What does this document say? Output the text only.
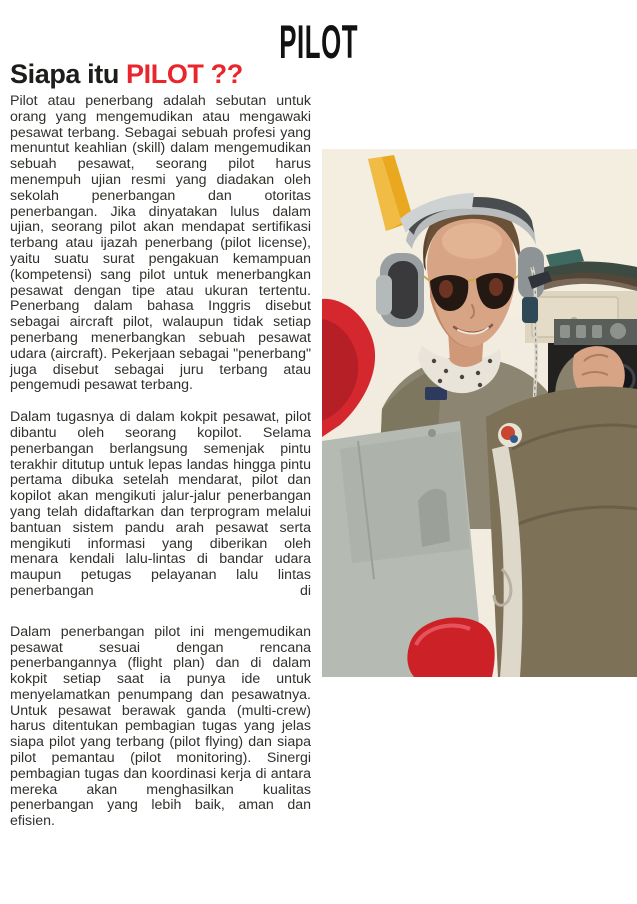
PILOT
Siapa itu PILOT ??

Pilot atau penerbang adalah sebutan untuk orang yang mengemudikan atau mengawaki pesawat terbang. Sebagai sebuah profesi yang menuntut keahlian (skill) dalam mengemudikan sebuah pesawat, seorang pilot harus menempuh ujian resmi yang diadakan oleh sekolah penerbangan dan otoritas penerbangan. Jika dinyatakan lulus dalam ujian, seorang pilot akan mendapat sertifikasi terbang atau ijazah penerbang (pilot license), yaitu suatu surat pengakuan kemampuan (kompetensi) sang pilot untuk menerbangkan pesawat dengan tipe atau ukuran tertentu. Penerbang dalam bahasa Inggris disebut sebagai aircraft pilot, walaupun tidak setiap penerbang menerbangkan sebuah pesawat udara (aircraft). Pekerjaan sebagai "penerbang" juga disebut sebagai juru terbang atau pengemudi pesawat terbang.

Dalam tugasnya di dalam kokpit pesawat, pilot dibantu oleh seorang kopilot. Selama penerbangan berlangsung semenjak pintu terakhir ditutup untuk lepas landas hingga pintu pertama dibuka setelah mendarat, pilot dan kopilot akan mengikuti jalur-jalur penerbangan yang telah didaftarkan dan terprogram melalui bantuan sistem pandu arah pesawat serta mengikuti informasi yang diberikan oleh menara kendali lalu-lintas di bandar udara maupun petugas pelayanan lalu lintas penerbangan di

Dalam penerbangan pilot ini mengemudikan pesawat sesuai dengan rencana penerbangannya (flight plan) dan di dalam kokpit setiap saat ia punya ide untuk menyelamatkan penumpang dan pesawatnya. Untuk pesawat berawak ganda (multi-crew) harus ditentukan pembagian tugas yang jelas siapa pilot yang terbang (pilot flying) dan siapa pilot pemantau (pilot monitoring). Sinergi pembagian tugas dan koordinasi kerja di antara mereka akan menghasilkan kualitas penerbangan yang lebih baik, aman dan efisien.
